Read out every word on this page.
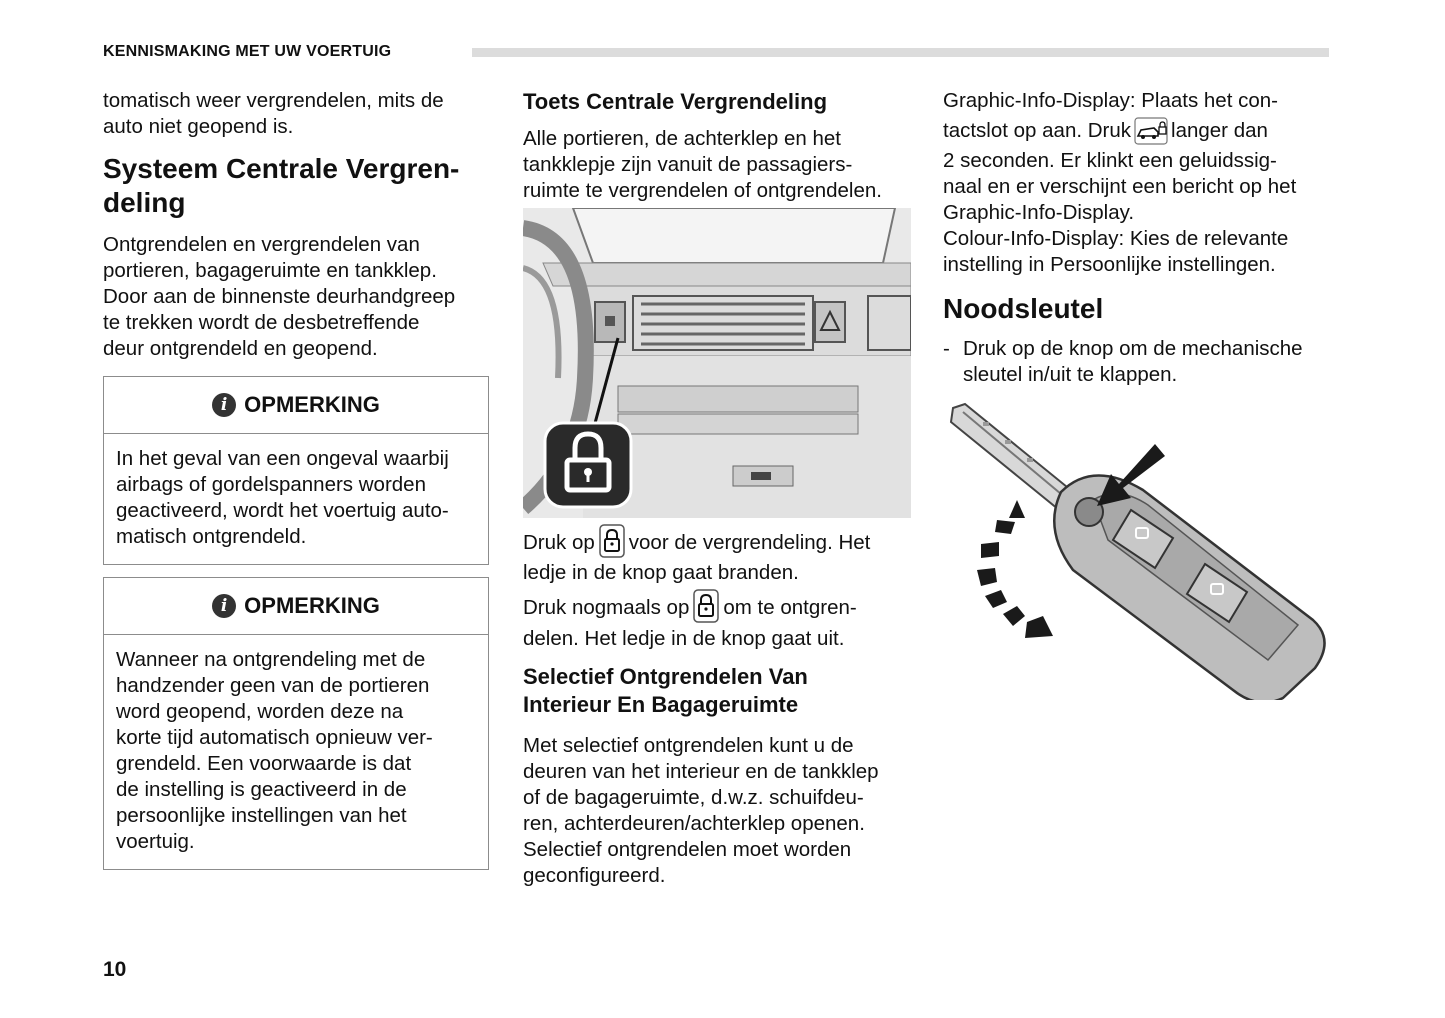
KENNISMAKING MET UW VOERTUIG

tomatisch weer vergrendelen, mits de
auto niet geopend is.

Systeem Centrale Vergren-
deling

Ontgrendelen en vergrendelen van
portieren, bagageruimte en tankklep.
Door aan de binnenste deurhandgreep
te trekken wordt de desbetreffende
deur ontgrendeld en geopend.

i OPMERKING
In het geval van een ongeval waarbij
airbags of gordelspanners worden
geactiveerd, wordt het voertuig auto-
matisch ontgrendeld.
i OPMERKING
Wanneer na ontgrendeling met de
handzender geen van de portieren
word geopend, worden deze na
korte tijd automatisch opnieuw ver-
grendeld. Een voorwaarde is dat
de instelling is geactiveerd in de
persoonlijke instellingen van het
voertuig.
Toets Centrale Vergrendeling

Alle portieren, de achterklep en het
tankklepje zijn vanuit de passagiers-
ruimte te vergrendelen of ontgrendelen.

Druk op voor de vergrendeling. Het

ledje in de knop gaat branden.

Druk nogmaals op om te ontgren-

delen. Het ledje in de knop gaat uit.

Selectief Ontgrendelen Van
Interieur En Bagageruimte

Met selectief ontgrendelen kunt u de
deuren van het interieur en de tankklep
of de bagageruimte, d.w.z. schuifdeu-
ren, achterdeuren/achterklep openen.
Selectief ontgrendelen moet worden
geconfigureerd.

Graphic-Info-Display: Plaats het con-

tactslot op aan. Druk langer dan

2 seconden. Er klinkt een geluidssig-
naal en er verschijnt een bericht op het
Graphic-Info-Display.
Colour-Info-Display: Kies de relevante
instelling in Persoonlijke instellingen.

Noodsleutel
- Druk op de knop om de mechanische
sleutel in/uit te klappen.
10
